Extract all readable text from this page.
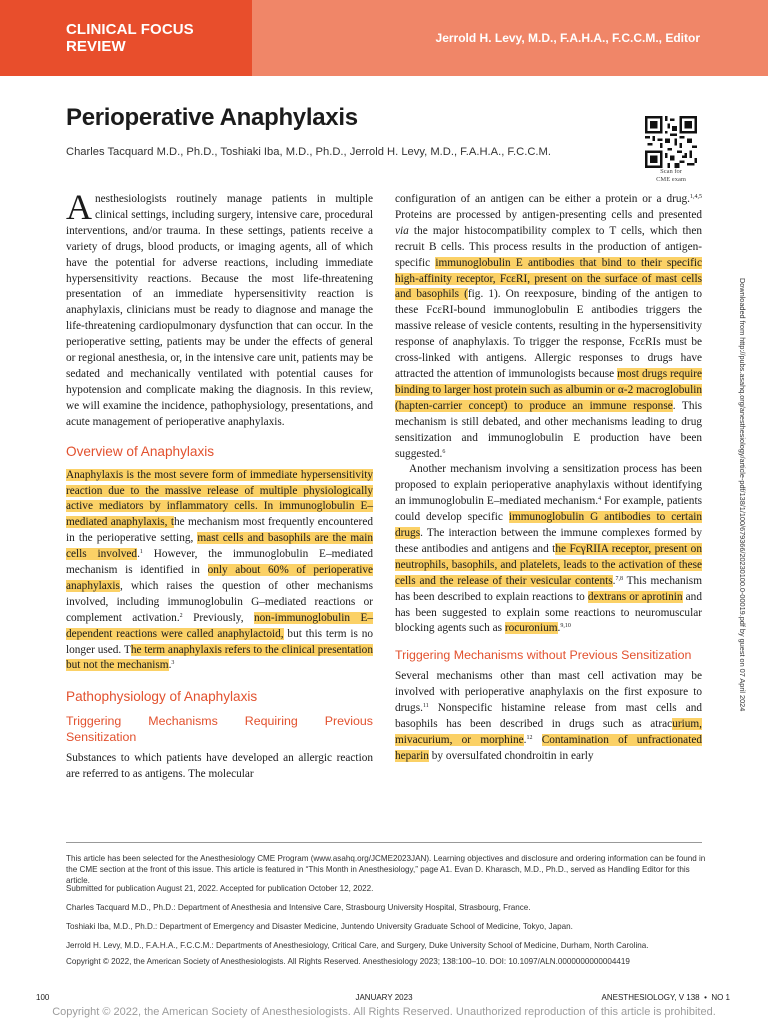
CLINICAL FOCUS REVIEW	Jerrold H. Levy, M.D., F.A.H.A., F.C.C.M., Editor
Perioperative Anaphylaxis
Charles Tacquard M.D., Ph.D., Toshiaki Iba, M.D., Ph.D., Jerrold H. Levy, M.D., F.A.H.A., F.C.C.M.
Scan for
CME exam

Anesthesiologists routinely manage patients in multiple clinical settings, including surgery, intensive care, procedural interventions, and/or trauma. In these settings, patients receive a variety of drugs, blood products, or imaging agents, all of which have the potential for adverse reactions, including immediate hypersensitivity reactions. Because the most life-threatening presentation of an immediate hypersensitivity reaction is anaphylaxis, clinicians must be ready to diagnose and manage the life-threatening cardiopulmonary dysfunction that can occur. In the perioperative setting, patients may be under the effects of general or regional anesthesia, or, in the intensive care unit, patients may be sedated and mechanically ventilated with potential causes for hypotension and complicate making the diagnosis. In this review, we will examine the incidence, pathophysiology, presentations, and acute management of perioperative anaphylaxis.

Overview of Anaphylaxis

Anaphylaxis is the most severe form of immediate hypersensitivity reaction due to the massive release of multiple physiologically active mediators by inflammatory cells. In immunoglobulin E–mediated anaphylaxis, the mechanism most frequently encountered in the perioperative setting, mast cells and basophils are the main cells involved.$^1$ However, the immunoglobulin E–mediated mechanism is identified in only about 60% of perioperative anaphylaxis, which raises the question of other mechanisms involved, including immunoglobulin G–mediated reactions or complement activation.$^2$ Previously, non-immunoglobulin E–dependent reactions were called anaphylactoid, but this term is no longer used. The term anaphylaxis refers to the clinical presentation but not the mechanism.$^3$

Pathophysiology of Anaphylaxis
Triggering Mechanisms Requiring Previous Sensitization

Substances to which patients have developed an allergic reaction are referred to as antigens. The molecular

configuration of an antigen can be either a protein or a drug.$^{1,4,5}$ Proteins are processed by antigen-presenting cells and presented via the major histocompatibility complex to T cells, which then recruit B cells. This process results in the production of antigen-specific immunoglobulin E antibodies that bind to their specific high-affinity receptor, FcεRI, present on the surface of mast cells and basophils (fig. 1). On reexposure, binding of the antigen to these FcεRI-bound immunoglobulin E antibodies triggers the massive release of vesicle contents, resulting in the hypersensitivity response of anaphylaxis. To trigger the response, FcεRIs must be cross-linked with antigens. Allergic responses to drugs have attracted the attention of immunologists because most drugs require binding to larger host protein such as albumin or α-2 macroglobulin (hapten-carrier concept) to produce an immune response. This mechanism is still debated, and other mechanisms leading to drug sensitization and immunoglobulin E production have been suggested.$^6$

Another mechanism involving a sensitization process has been proposed to explain perioperative anaphylaxis without identifying an immunoglobulin E–mediated mechanism.$^4$ For example, patients could develop specific immunoglobulin G antibodies to certain drugs. The interaction between the immune complexes formed by these antibodies and antigens and the FcγRIIA receptor, present on neutrophils, basophils, and platelets, leads to the activation of these cells and the release of their vesicular contents.$^{7,8}$ This mechanism has been described to explain reactions to dextrans or aprotinin and has been suggested to explain some reactions to neuromuscular blocking agents such as rocuronium.$^{9,10}$

Triggering Mechanisms without Previous Sensitization

Several mechanisms other than mast cell activation may be involved with perioperative anaphylaxis on the first exposure to drugs.$^{11}$ Nonspecific histamine release from mast cells and basophils has been described in drugs such as atracurium, mivacurium, or morphine.$^{12}$ Contamination of unfractionated heparin by oversulfated chondroitin in early

Downloaded from http://pubs.asahq.org/anesthesiology/article-pdf/138/1/100/679366/20230100.0-00019.pdf by guest on 07 April 2024
This article has been selected for the Anesthesiology CME Program (www.asahq.org/JCME2023JAN). Learning objectives and disclosure and ordering information can be found in the CME section at the front of this issue. This article is featured in “This Month in Anesthesiology,” page A1. Evan D. Kharasch, M.D., Ph.D., served as Handling Editor for this article.
Submitted for publication August 21, 2022. Accepted for publication October 12, 2022.
Charles Tacquard M.D., Ph.D.: Department of Anesthesia and Intensive Care, Strasbourg University Hospital, Strasbourg, France.
Toshiaki Iba, M.D., Ph.D.: Department of Emergency and Disaster Medicine, Juntendo University Graduate School of Medicine, Tokyo, Japan.
Jerrold H. Levy, M.D., F.A.H.A., F.C.C.M.: Departments of Anesthesiology, Critical Care, and Surgery, Duke University School of Medicine, Durham, North Carolina.
Copyright © 2022, the American Society of Anesthesiologists. All Rights Reserved. Anesthesiology 2023; 138:100–10. DOI: 10.1097/ALN.0000000000004419
100	JANUARY 2023	ANESTHESIOLOGY, V 138  •  NO 1
Copyright © 2022, the American Society of Anesthesiologists. All Rights Reserved. Unauthorized reproduction of this article is prohibited.
